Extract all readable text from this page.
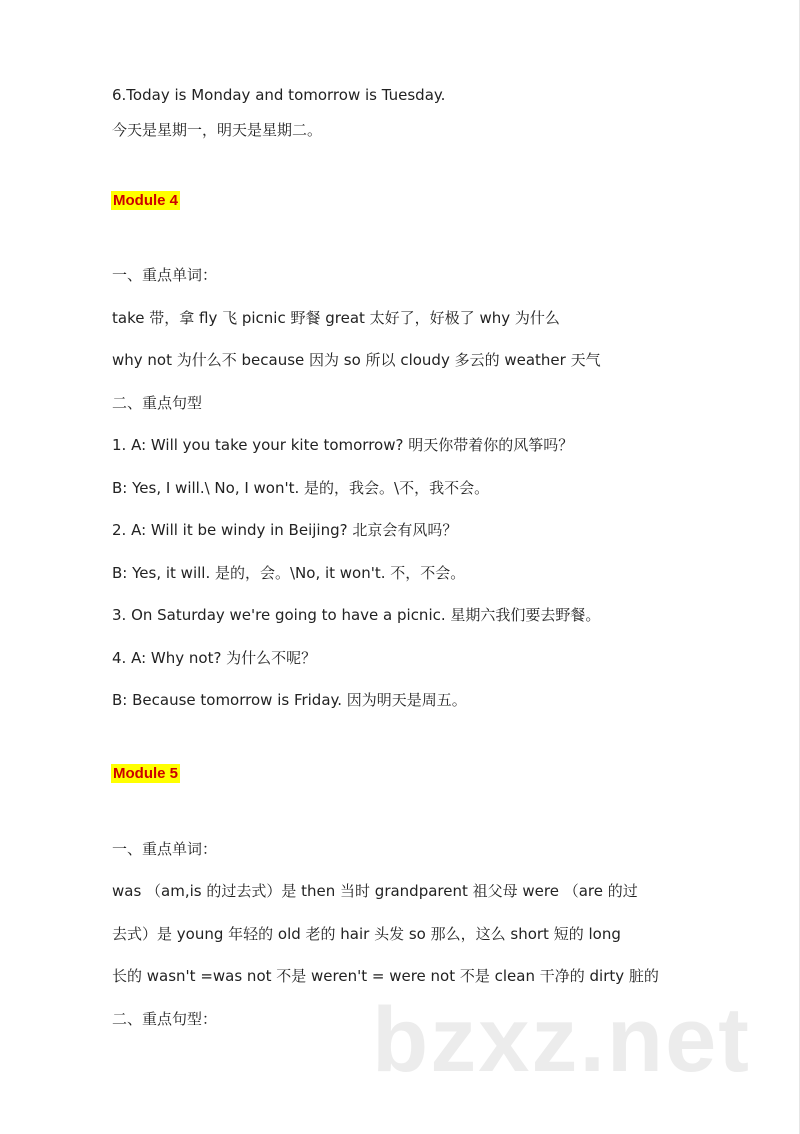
6.Today is Monday and tomorrow is Tuesday.
今天是星期一，明天是星期二。
Module 4
一、重点单词：
take 带，拿 fly 飞 picnic 野餐 great 太好了，好极了 why 为什么
why not 为什么不 because 因为 so 所以 cloudy 多云的 weather 天气
二、重点句型
1. A: Will you take your kite tomorrow? 明天你带着你的风筝吗？
B: Yes, I will.\ No, I won't. 是的，我会。\不，我不会。
2. A: Will it be windy in Beijing? 北京会有风吗？
B: Yes, it will. 是的，会。\No, it won't. 不，不会。
3. On Saturday we're going to have a picnic. 星期六我们要去野餐。
4. A: Why not? 为什么不呢？
B: Because tomorrow is Friday. 因为明天是周五。
Module 5
一、重点单词：
was （am,is 的过去式）是 then 当时 grandparent 祖父母 were （are 的过
去式）是 young 年轻的 old 老的 hair 头发 so 那么，这么 short 短的 long
长的 wasn't =was not 不是 weren't = were not 不是 clean 干净的 dirty 脏的
二、重点句型： bzxz.net
